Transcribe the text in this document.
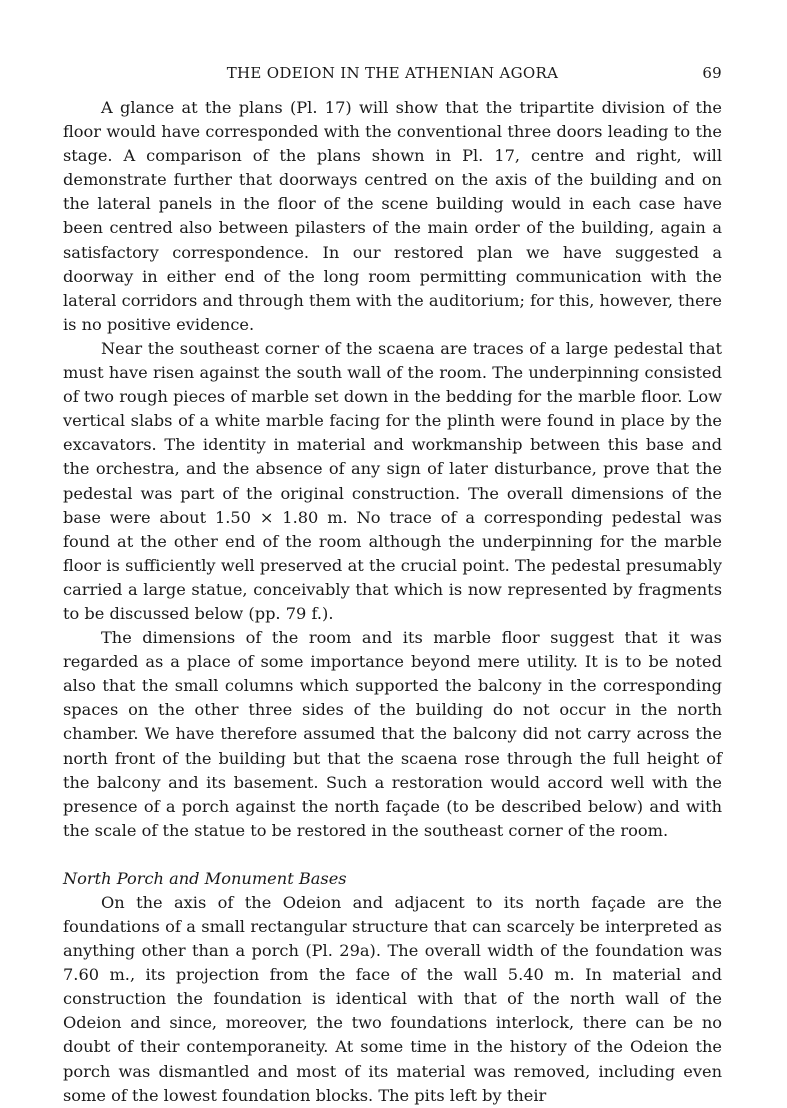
THE ODEION IN THE ATHENIAN AGORA	69

A glance at the plans (Pl. 17) will show that the tripartite division of the floor would have corresponded with the conventional three doors leading to the stage. A comparison of the plans shown in Pl. 17, centre and right, will demonstrate further that doorways centred on the axis of the building and on the lateral panels in the floor of the scene building would in each case have been centred also between pilasters of the main order of the building, again a satisfactory correspondence. In our restored plan we have suggested a doorway in either end of the long room permitting communication with the lateral corridors and through them with the auditorium; for this, however, there is no positive evidence.

Near the southeast corner of the scaena are traces of a large pedestal that must have risen against the south wall of the room. The underpinning consisted of two rough pieces of marble set down in the bedding for the marble floor. Low vertical slabs of a white marble facing for the plinth were found in place by the excavators. The identity in material and workmanship between this base and the orchestra, and the absence of any sign of later disturbance, prove that the pedestal was part of the original construction. The overall dimensions of the base were about 1.50 × 1.80 m. No trace of a corresponding pedestal was found at the other end of the room although the underpinning for the marble floor is sufficiently well preserved at the crucial point. The pedestal presumably carried a large statue, conceivably that which is now represented by fragments to be discussed below (pp. 79 f.).

The dimensions of the room and its marble floor suggest that it was regarded as a place of some importance beyond mere utility. It is to be noted also that the small columns which supported the balcony in the corresponding spaces on the other three sides of the building do not occur in the north chamber. We have therefore assumed that the balcony did not carry across the north front of the building but that the scaena rose through the full height of the balcony and its basement. Such a restoration would accord well with the presence of a porch against the north façade (to be described below) and with the scale of the statue to be restored in the southeast corner of the room.

North Porch and Monument Bases

On the axis of the Odeion and adjacent to its north façade are the foundations of a small rectangular structure that can scarcely be interpreted as anything other than a porch (Pl. 29a). The overall width of the foundation was 7.60 m., its projection from the face of the wall 5.40 m. In material and construction the foundation is identical with that of the north wall of the Odeion and since, moreover, the two foundations interlock, there can be no doubt of their contemporaneity. At some time in the history of the Odeion the porch was dismantled and most of its material was removed, including even some of the lowest foundation blocks. The pits left by their
